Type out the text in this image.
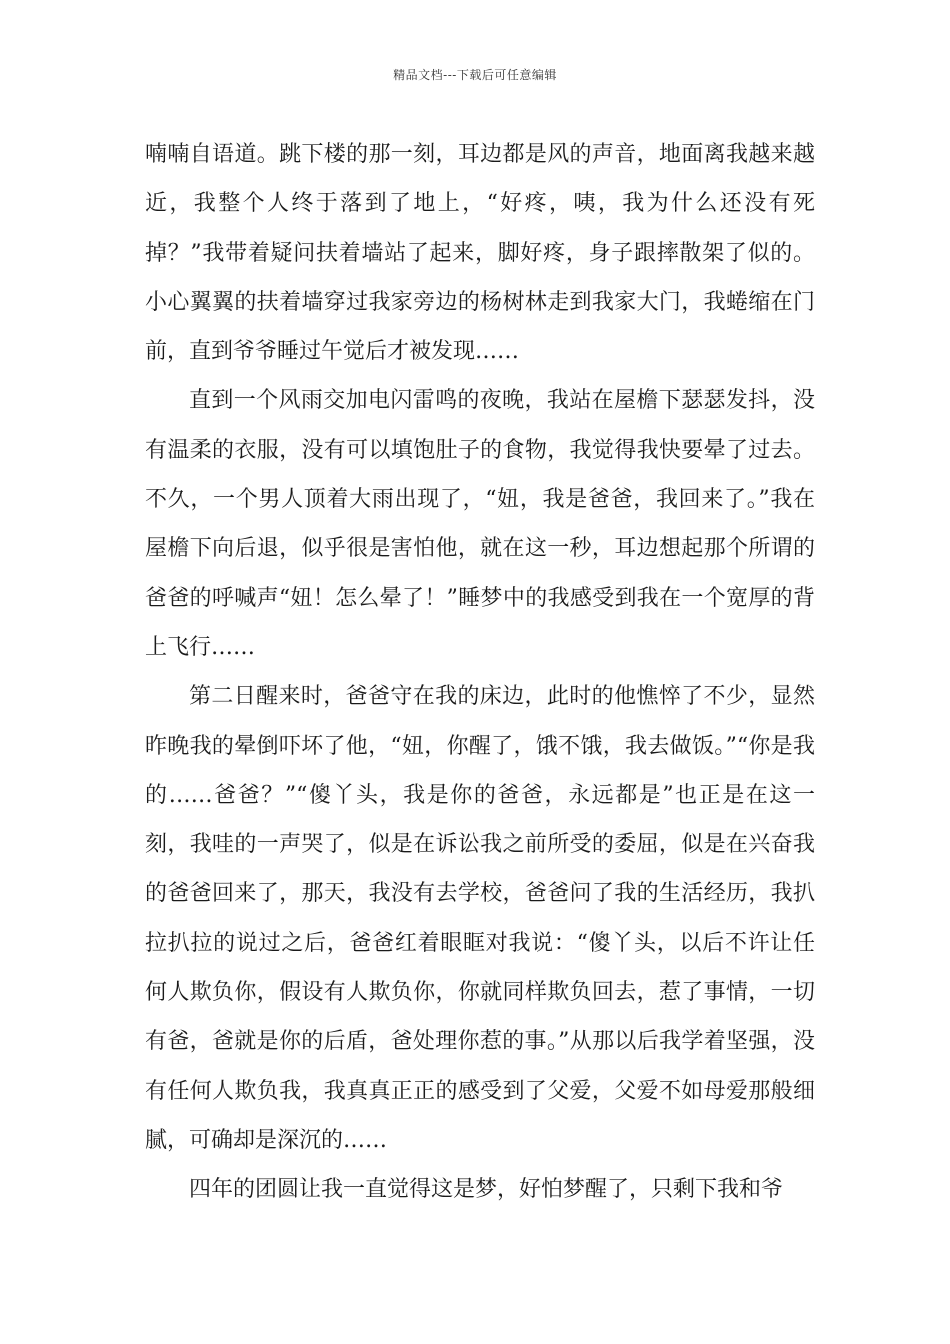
精品文档---下载后可任意编辑

喃喃自语道。跳下楼的那一刻，耳边都是风的声音，地面离我越来越近，我整个人终于落到了地上，“好疼，咦，我为什么还没有死掉？”我带着疑问扶着墙站了起来，脚好疼，身子跟摔散架了似的。小心翼翼的扶着墙穿过我家旁边的杨树林走到我家大门，我蜷缩在门前，直到爷爷睡过午觉后才被发现……

直到一个风雨交加电闪雷鸣的夜晚，我站在屋檐下瑟瑟发抖，没有温柔的衣服，没有可以填饱肚子的食物，我觉得我快要晕了过去。不久，一个男人顶着大雨出现了，“妞，我是爸爸，我回来了。”我在屋檐下向后退，似乎很是害怕他，就在这一秒，耳边想起那个所谓的爸爸的呼喊声“妞！怎么晕了！”睡梦中的我感受到我在一个宽厚的背上飞行……

第二日醒来时，爸爸守在我的床边，此时的他憔悴了不少，显然昨晚我的晕倒吓坏了他，“妞，你醒了，饿不饿，我去做饭。”“你是我的……爸爸？”“傻丫头，我是你的爸爸，永远都是”也正是在这一刻，我哇的一声哭了，似是在诉讼我之前所受的委屈，似是在兴奋我的爸爸回来了，那天，我没有去学校，爸爸问了我的生活经历，我扒拉扒拉的说过之后，爸爸红着眼眶对我说：“傻丫头，以后不许让任何人欺负你，假设有人欺负你，你就同样欺负回去，惹了事情，一切有爸，爸就是你的后盾，爸处理你惹的事。”从那以后我学着坚强，没有任何人欺负我，我真真正正的感受到了父爱，父爱不如母爱那般细腻，可确却是深沉的……

四年的团圆让我一直觉得这是梦，好怕梦醒了，只剩下我和爷
